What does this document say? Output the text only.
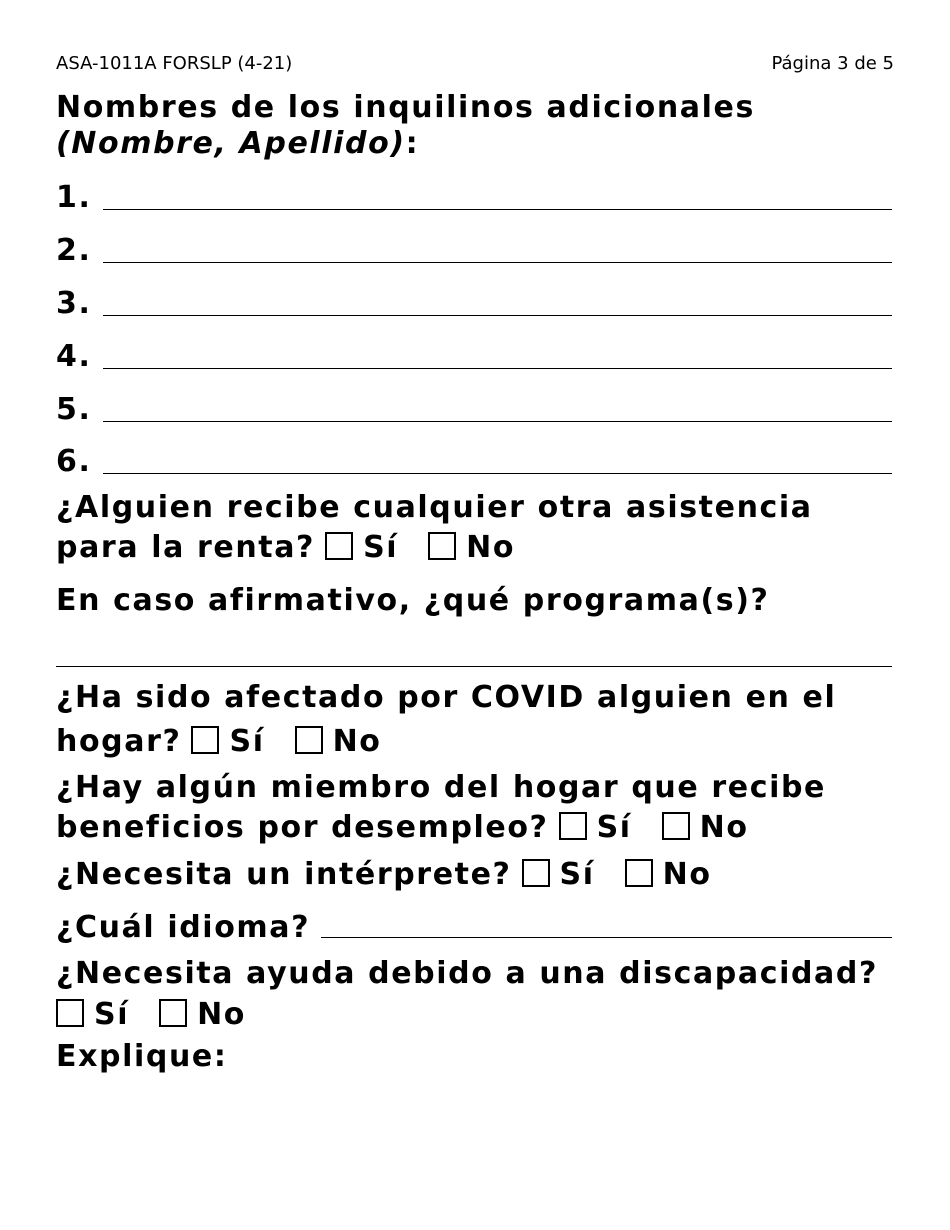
ASA-1011A FORSLP (4-21)	Página 3 de 5
Nombres de los inquilinos adicionales
(Nombre, Apellido):
1.
2.
3.
4.
5.
6.
¿Alguien recibe cualquier otra asistencia
para la renta? Sí No
En caso afirmativo, ¿qué programa(s)?
¿Ha sido afectado por COVID alguien en el
hogar? Sí No
¿Hay algún miembro del hogar que recibe
beneficios por desempleo? Sí No
¿Necesita un intérprete? Sí No
¿Cuál idioma?
¿Necesita ayuda debido a una discapacidad?
Sí No
Explique:
